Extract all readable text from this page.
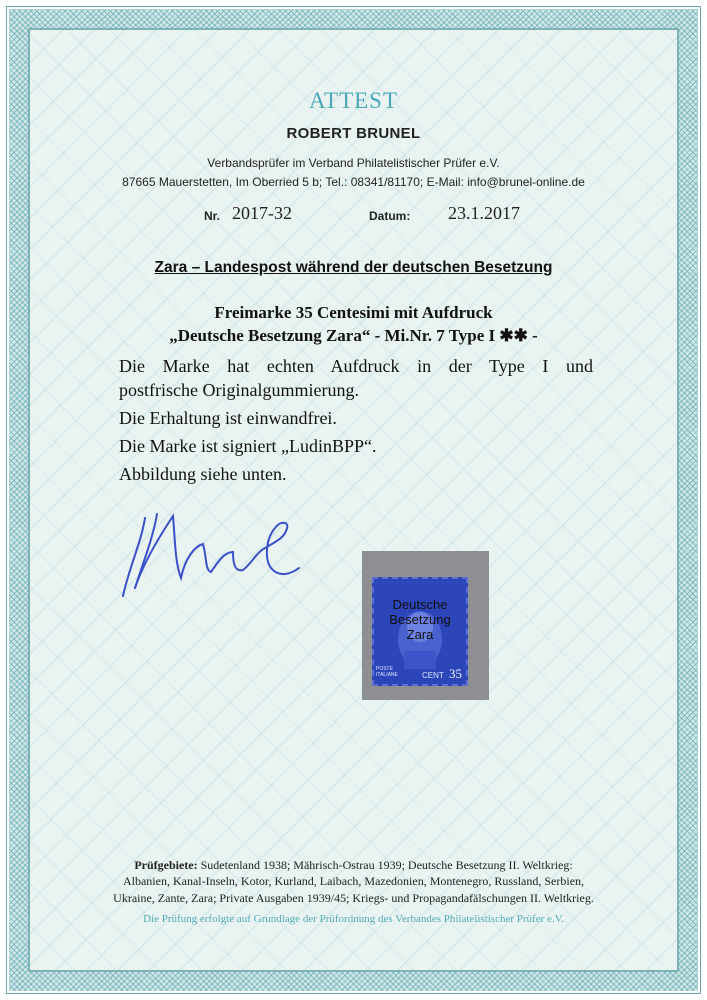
ATTEST
ROBERT BRUNEL
Verbandsprüfer im Verband Philatelistischer Prüfer e.V.
87665 Mauerstetten, Im Oberried 5 b; Tel.: 08341/81170; E-Mail: info@brunel-online.de
Nr. 2017-32	Datum: 23.1.2017
Zara – Landespost während der deutschen Besetzung
Freimarke 35 Centesimi mit Aufdruck
„Deutsche Besetzung Zara“ - Mi.Nr. 7 Type I ✱✱ -
Die Marke hat echten Aufdruck in der Type I und
postfrische Originalgummierung.
Die Erhaltung ist einwandfrei.
Die Marke ist signiert „LudinBPP“.
Abbildung siehe unten.
Deutsche
Besetzung
Zara
POSTE ITALIANE	CENT 35
Prüfgebiete: Sudetenland 1938; Mährisch-Ostrau 1939; Deutsche Besetzung II. Weltkrieg:
Albanien, Kanal-Inseln, Kotor, Kurland, Laibach, Mazedonien, Montenegro, Russland, Serbien,
Ukraine, Zante, Zara; Private Ausgaben 1939/45; Kriegs- und Propagandafälschungen II. Weltkrieg.
Die Prüfung erfolgte auf Grundlage der Prüfordnung des Verbandes Philatelistischer Prüfer e.V.
